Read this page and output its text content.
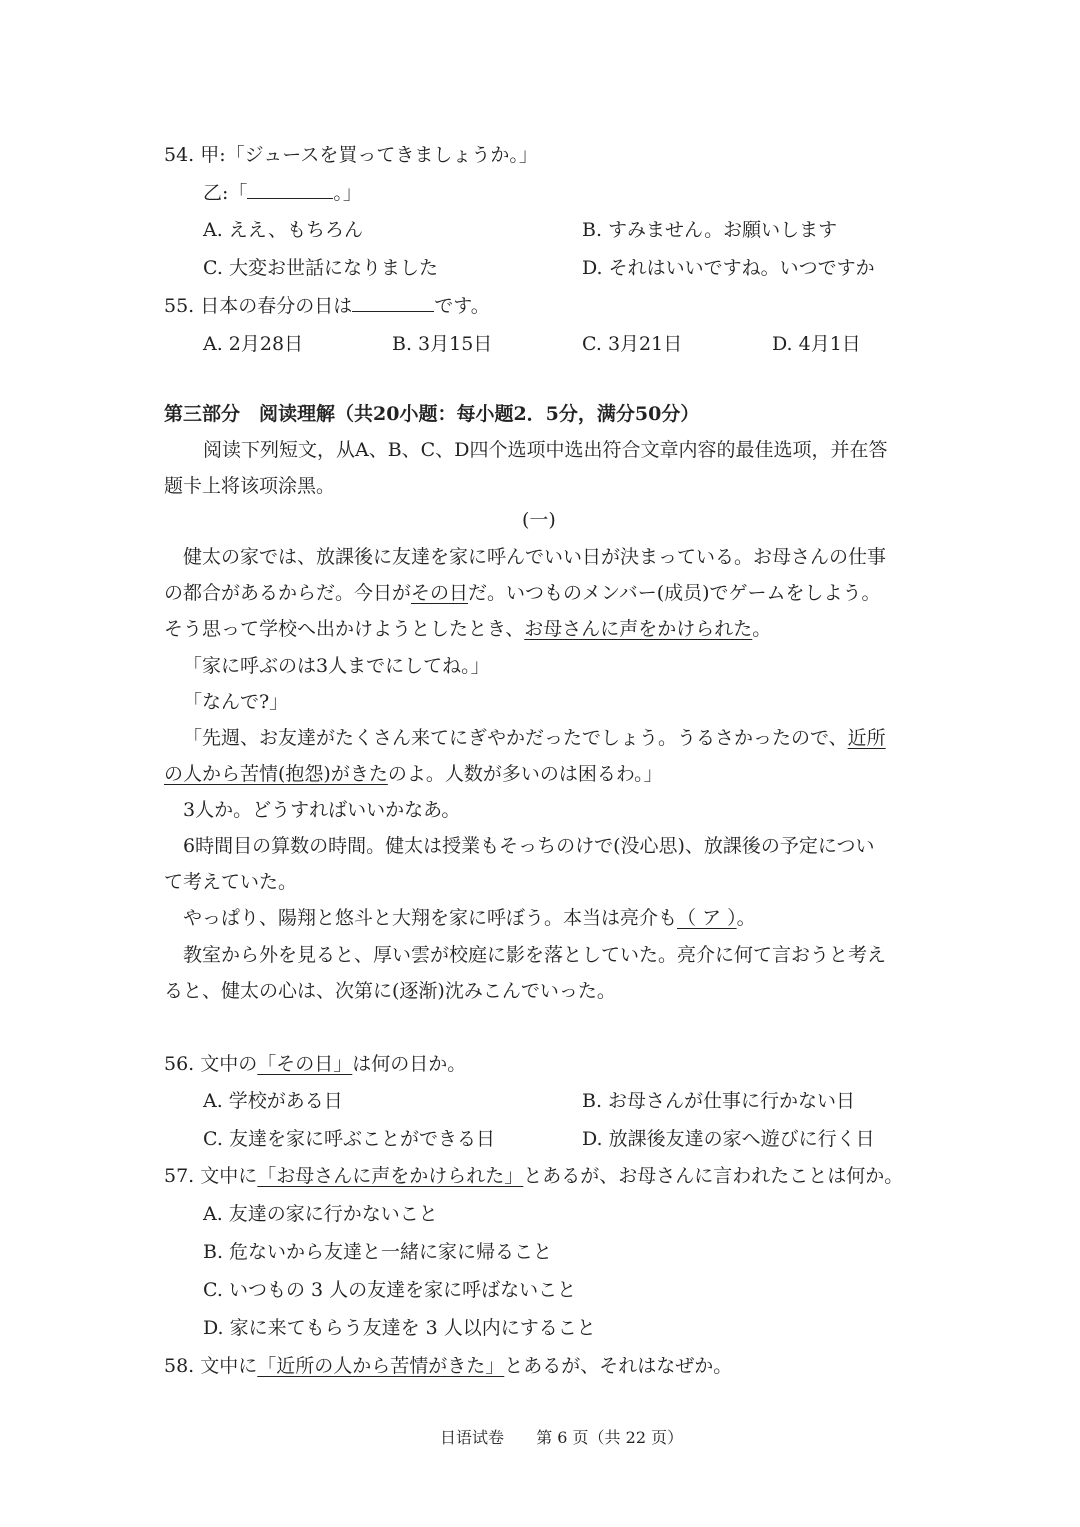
54. 甲:「ジュースを買ってきましょうか。」
乙:「	。」
A. ええ、もちろん	B. すみません。お願いします
C. 大変お世話になりました	D. それはいいですね。いつですか
55. 日本の春分の日は	です。
A. 2月28日	B. 3月15日	C. 3月21日	D. 4月1日
第三部分　阅读理解（共20小题：每小题2．5分，满分50分）
阅读下列短文，从A、B、C、D四个选项中选出符合文章内容的最佳选项，并在答
题卡上将该项涂黑。
(一)
健太の家では、放課後に友達を家に呼んでいい日が決まっている。お母さんの仕事
の都合があるからだ。今日がその日だ。いつものメンバー(成员)でゲームをしよう。
そう思って学校へ出かけようとしたとき、お母さんに声をかけられた。
「家に呼ぶのは3人までにしてね。」
「なんで?」
「先週、お友達がたくさん来てにぎやかだったでしょう。うるさかったので、近所
の人から苦情(抱怨)がきたのよ。人数が多いのは困るわ。」
3人か。どうすればいいかなあ。
6時間目の算数の時間。健太は授業もそっちのけで(没心思)、放課後の予定につい
て考えていた。
やっぱり、陽翔と悠斗と大翔を家に呼ぼう。本当は亮介も（ ア ）。
教室から外を見ると、厚い雲が校庭に影を落としていた。亮介に何て言おうと考え
ると、健太の心は、次第に(逐渐)沈みこんでいった。
56. 文中の「その日」は何の日か。
A. 学校がある日	B. お母さんが仕事に行かない日
C. 友達を家に呼ぶことができる日	D. 放課後友達の家へ遊びに行く日
57. 文中に「お母さんに声をかけられた」とあるが、お母さんに言われたことは何か。
A. 友達の家に行かないこと
B. 危ないから友達と一緒に家に帰ること
C. いつもの 3 人の友達を家に呼ばないこと
D. 家に来てもらう友達を 3 人以内にすること
58. 文中に「近所の人から苦情がきた」とあるが、それはなぜか。
日语试卷 第 6 页（共 22 页）
